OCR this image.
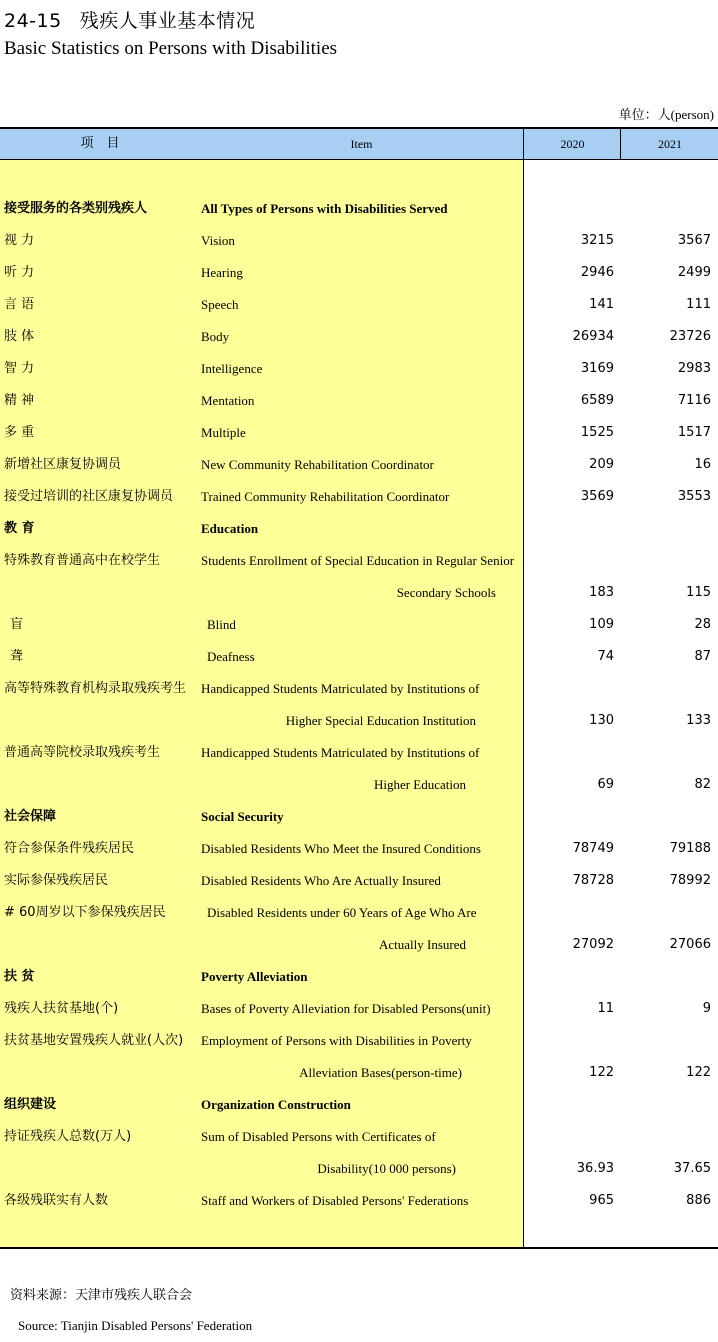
24-15 残疾人事业基本情况
Basic Statistics on Persons with Disabilities
单位：人(person)
项　目	Item	2020	2021
接受服务的各类别残疾人	All Types of Persons with Disabilities Served
视 力	Vision	3215	3567
听 力	Hearing	2946	2499
言 语	Speech	141	111
肢 体	Body	26934	23726
智 力	Intelligence	3169	2983
精 神	Mentation	6589	7116
多 重	Multiple	1525	1517
新增社区康复协调员	New Community Rehabilitation Coordinator	209	16
接受过培训的社区康复协调员 Trained Community Rehabilitation Coordinator	3569	3553
教 育	Education
特殊教育普通高中在校学生	Students Enrollment of Special Education in Regular Senior
Secondary Schools	183	115
盲	Blind	109	28
聋	Deafness	74	87
高等特殊教育机构录取残疾考生 Handicapped Students Matriculated by Institutions of
Higher Special Education Institution	130	133
普通高等院校录取残疾考生	Handicapped Students Matriculated by Institutions of
Higher Education	69	82
社会保障	Social Security
符合参保条件残疾居民	Disabled Residents Who Meet the Insured Conditions	78749	79188
实际参保残疾居民	Disabled Residents Who Are Actually Insured	78728	78992
# 60周岁以下参保残疾居民	Disabled Residents under 60 Years of Age Who Are
Actually Insured	27092	27066
扶 贫	Poverty Alleviation
残疾人扶贫基地(个)	Bases of Poverty Alleviation for Disabled Persons(unit)	11	9
扶贫基地安置残疾人就业(人次) Employment of Persons with Disabilities in Poverty
Alleviation Bases(person-time)	122	122
组织建设	Organization Construction
持证残疾人总数(万人)	Sum of Disabled Persons with Certificates of
Disability(10 000 persons)	36.93	37.65
各级残联实有人数	Staff and Workers of Disabled Persons' Federations	965	886
资料来源：天津市残疾人联合会
Source: Tianjin Disabled Persons' Federation
